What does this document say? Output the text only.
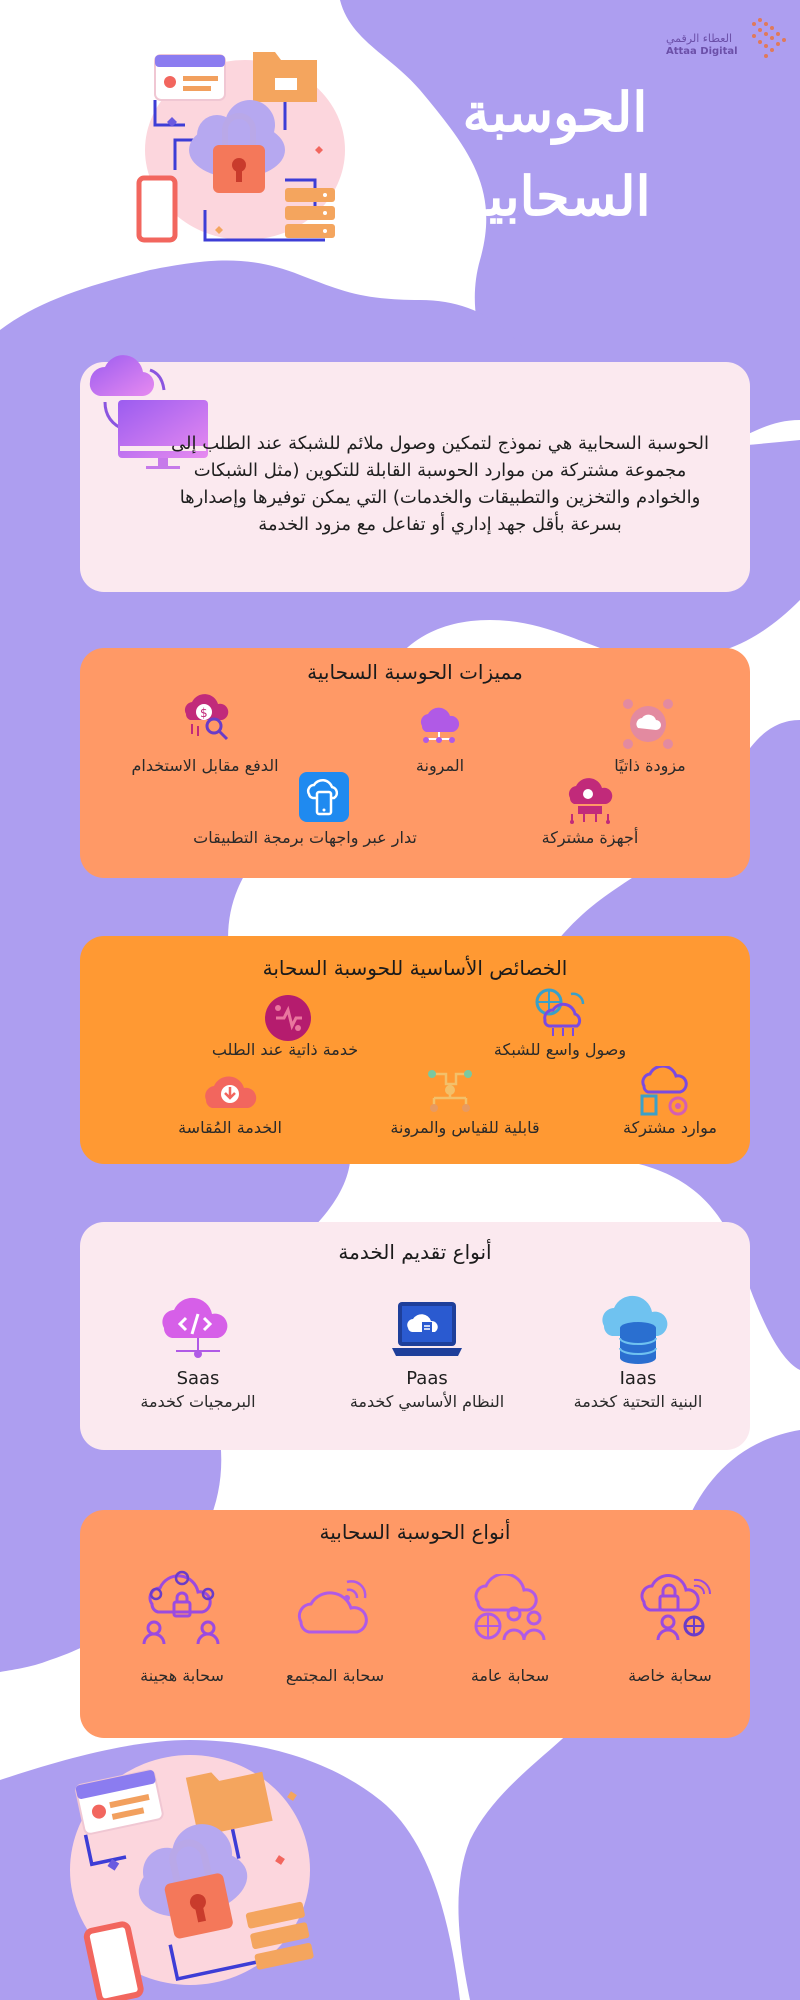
العطاء الرقمي
Attaa Digital
الحوسبة
السحابية
الحوسبة السحابية هي نموذج لتمكين وصول ملائم للشبكة عند الطلب إلى مجموعة مشتركة من موارد الحوسبة القابلة للتكوين (مثل الشبكات والخوادم والتخزين والتطبيقات والخدمات) التي يمكن توفيرها وإصدارها بسرعة بأقل جهد إداري أو تفاعل مع مزود الخدمة
مميزات الحوسبة السحابية
مزودة ذاتيًا
المرونة
$
الدفع مقابل الاستخدام
أجهزة مشتركة
تدار عبر واجهات برمجة التطبيقات
الخصائص الأساسية للحوسبة السحابة
وصول واسع للشبكة
خدمة ذاتية عند الطلب
موارد مشتركة
قابلية للقياس والمرونة
الخدمة المُقاسة
أنواع تقديم الخدمة
Iaas
البنية التحتية كخدمة
Paas
النظام الأساسي كخدمة
Saas
البرمجيات كخدمة
أنواع الحوسبة السحابية
سحابة خاصة
سحابة عامة
سحابة المجتمع
سحابة هجينة
